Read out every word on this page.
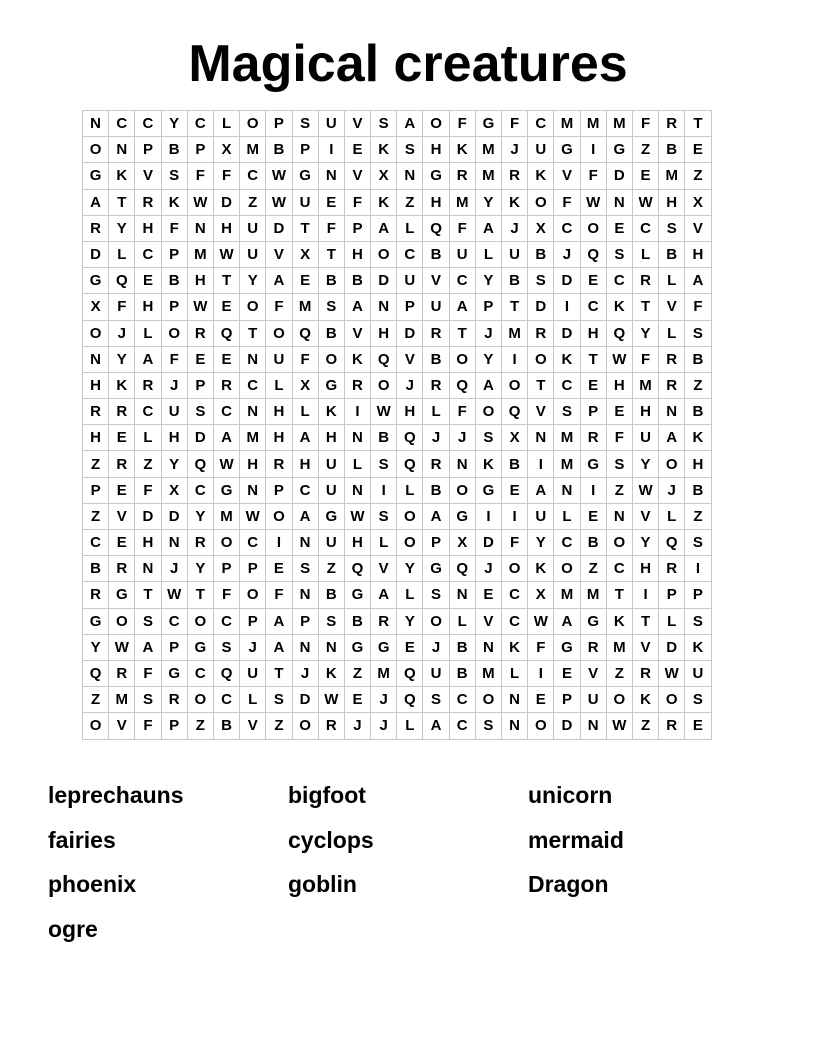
Magical creatures
N	C	C	Y	C	L	O	P	S	U	V	S	A	O	F	G	F	C	M	M	M	F	R	T
O	N	P	B	P	X	M	B	P	I	E	K	S	H	K	M	J	U	G	I	G	Z	B	E
G	K	V	S	F	F	C	W	G	N	V	X	N	G	R	M	R	K	V	F	D	E	M	Z
A	T	R	K	W	D	Z	W	U	E	F	K	Z	H	M	Y	K	O	F	W	N	W	H	X
R	Y	H	F	N	H	U	D	T	F	P	A	L	Q	F	A	J	X	C	O	E	C	S	V
D	L	C	P	M	W	U	V	X	T	H	O	C	B	U	L	U	B	J	Q	S	L	B	H
G	Q	E	B	H	T	Y	A	E	B	B	D	U	V	C	Y	B	S	D	E	C	R	L	A
X	F	H	P	W	E	O	F	M	S	A	N	P	U	A	P	T	D	I	C	K	T	V	F
O	J	L	O	R	Q	T	O	Q	B	V	H	D	R	T	J	M	R	D	H	Q	Y	L	S
N	Y	A	F	E	E	N	U	F	O	K	Q	V	B	O	Y	I	O	K	T	W	F	R	B
H	K	R	J	P	R	C	L	X	G	R	O	J	R	Q	A	O	T	C	E	H	M	R	Z
R	R	C	U	S	C	N	H	L	K	I	W	H	L	F	O	Q	V	S	P	E	H	N	B
H	E	L	H	D	A	M	H	A	H	N	B	Q	J	J	S	X	N	M	R	F	U	A	K
Z	R	Z	Y	Q	W	H	R	H	U	L	S	Q	R	N	K	B	I	M	G	S	Y	O	H
P	E	F	X	C	G	N	P	C	U	N	I	L	B	O	G	E	A	N	I	Z	W	J	B
Z	V	D	D	Y	M	W	O	A	G	W	S	O	A	G	I	I	U	L	E	N	V	L	Z
C	E	H	N	R	O	C	I	N	U	H	L	O	P	X	D	F	Y	C	B	O	Y	Q	S
B	R	N	J	Y	P	P	E	S	Z	Q	V	Y	G	Q	J	O	K	O	Z	C	H	R	I
R	G	T	W	T	F	O	F	N	B	G	A	L	S	N	E	C	X	M	M	T	I	P	P
G	O	S	C	O	C	P	A	P	S	B	R	Y	O	L	V	C	W	A	G	K	T	L	S
Y	W	A	P	G	S	J	A	N	N	G	G	E	J	B	N	K	F	G	R	M	V	D	K
Q	R	F	G	C	Q	U	T	J	K	Z	M	Q	U	B	M	L	I	E	V	Z	R	W	U
Z	M	S	R	O	C	L	S	D	W	E	J	Q	S	C	O	N	E	P	U	O	K	O	S
O	V	F	P	Z	B	V	Z	O	R	J	J	L	A	C	S	N	O	D	N	W	Z	R	E
leprechauns	bigfoot	unicorn
fairies	cyclops	mermaid
phoenix	goblin	Dragon
ogre
